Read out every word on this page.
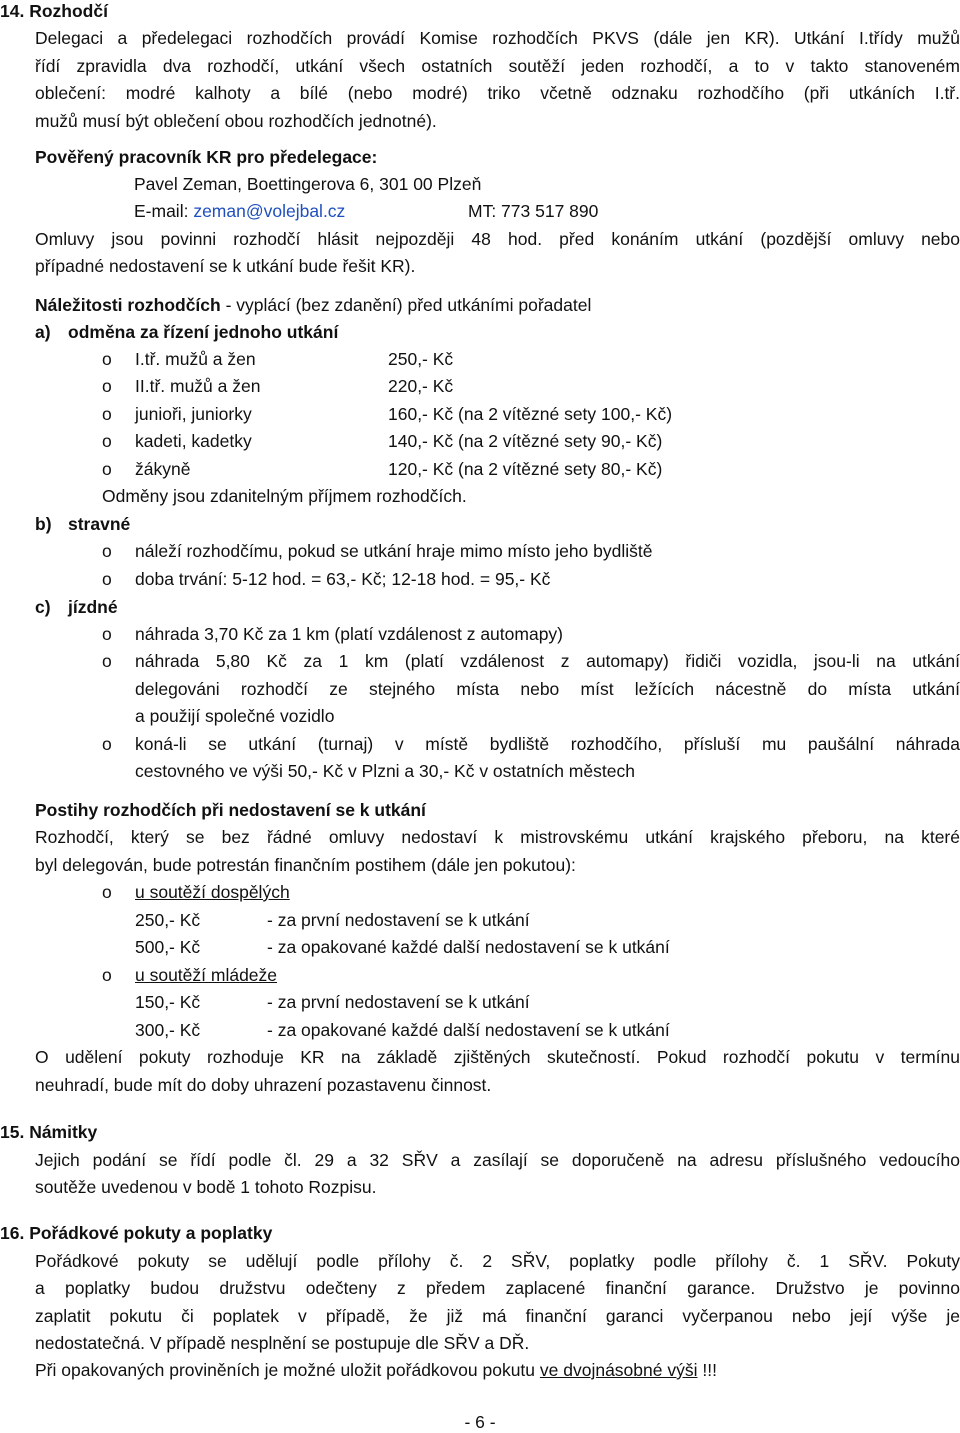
14. Rozhodčí
Delegaci a předelegaci rozhodčích provádí Komise rozhodčích PKVS (dále jen KR). Utkání I.třídy mužů
řídí zpravidla dva rozhodčí, utkání všech ostatních soutěží jeden rozhodčí, a to v takto stanoveném
oblečení: modré kalhoty a bílé (nebo modré) triko včetně odznaku rozhodčího (při utkáních I.tř.
mužů musí být oblečení obou rozhodčích jednotné).
Pověřený pracovník KR pro předelegace:
Pavel Zeman, Boettingerova 6, 301 00 Plzeň
E-mail: zeman@volejbal.cz	MT: 773 517 890
Omluvy jsou povinni rozhodčí hlásit nejpozději 48 hod. před konáním utkání (pozdější omluvy nebo
případné nedostavení se k utkání bude řešit KR).
Náležitosti rozhodčích - vyplácí (bez zdanění) před utkáními pořadatel
a) odměna za řízení jednoho utkání
o I.tř. mužů a žen	250,- Kč
o II.tř. mužů a žen	220,- Kč
o junioři, juniorky	160,- Kč (na 2 vítězné sety 100,- Kč)
o kadeti, kadetky	140,- Kč (na 2 vítězné sety 90,- Kč)
o žákyně	120,- Kč (na 2 vítězné sety 80,- Kč)
Odměny jsou zdanitelným příjmem rozhodčích.
b) stravné
o náleží rozhodčímu, pokud se utkání hraje mimo místo jeho bydliště
o doba trvání: 5-12 hod. = 63,- Kč; 12-18 hod. = 95,- Kč
c) jízdné
o náhrada 3,70 Kč za 1 km (platí vzdálenost z automapy)
o náhrada 5,80 Kč za 1 km (platí vzdálenost z automapy) řidiči vozidla, jsou-li na utkání
delegováni rozhodčí ze stejného místa nebo míst ležících nácestně do místa utkání
a použijí společné vozidlo
o koná-li se utkání (turnaj) v místě bydliště rozhodčího, přísluší mu paušální náhrada
cestovného ve výši 50,- Kč v Plzni a 30,- Kč v ostatních městech
Postihy rozhodčích při nedostavení se k utkání
Rozhodčí, který se bez řádné omluvy nedostaví k mistrovskému utkání krajského přeboru, na které
byl delegován, bude potrestán finančním postihem (dále jen pokutou):
o u soutěží dospělých
250,- Kč	- za první nedostavení se k utkání
500,- Kč	- za opakované každé další nedostavení se k utkání
o u soutěží mládeže
150,- Kč	- za první nedostavení se k utkání
300,- Kč	- za opakované každé další nedostavení se k utkání
O udělení pokuty rozhoduje KR na základě zjištěných skutečností. Pokud rozhodčí pokutu v termínu
neuhradí, bude mít do doby uhrazení pozastavenu činnost.
15. Námitky
Jejich podání se řídí podle čl. 29 a 32 SŘV a zasílají se doporučeně na adresu příslušného vedoucího
soutěže uvedenou v bodě 1 tohoto Rozpisu.
16. Pořádkové pokuty a poplatky
Pořádkové pokuty se udělují podle přílohy č. 2 SŘV, poplatky podle přílohy č. 1 SŘV. Pokuty
a poplatky budou družstvu odečteny z předem zaplacené finanční garance. Družstvo je povinno
zaplatit pokutu či poplatek v případě, že již má finanční garanci vyčerpanou nebo její výše je
nedostatečná. V případě nesplnění se postupuje dle SŘV a DŘ.
Při opakovaných proviněních je možné uložit pořádkovou pokutu ve dvojnásobné výši !!!
- 6 -
